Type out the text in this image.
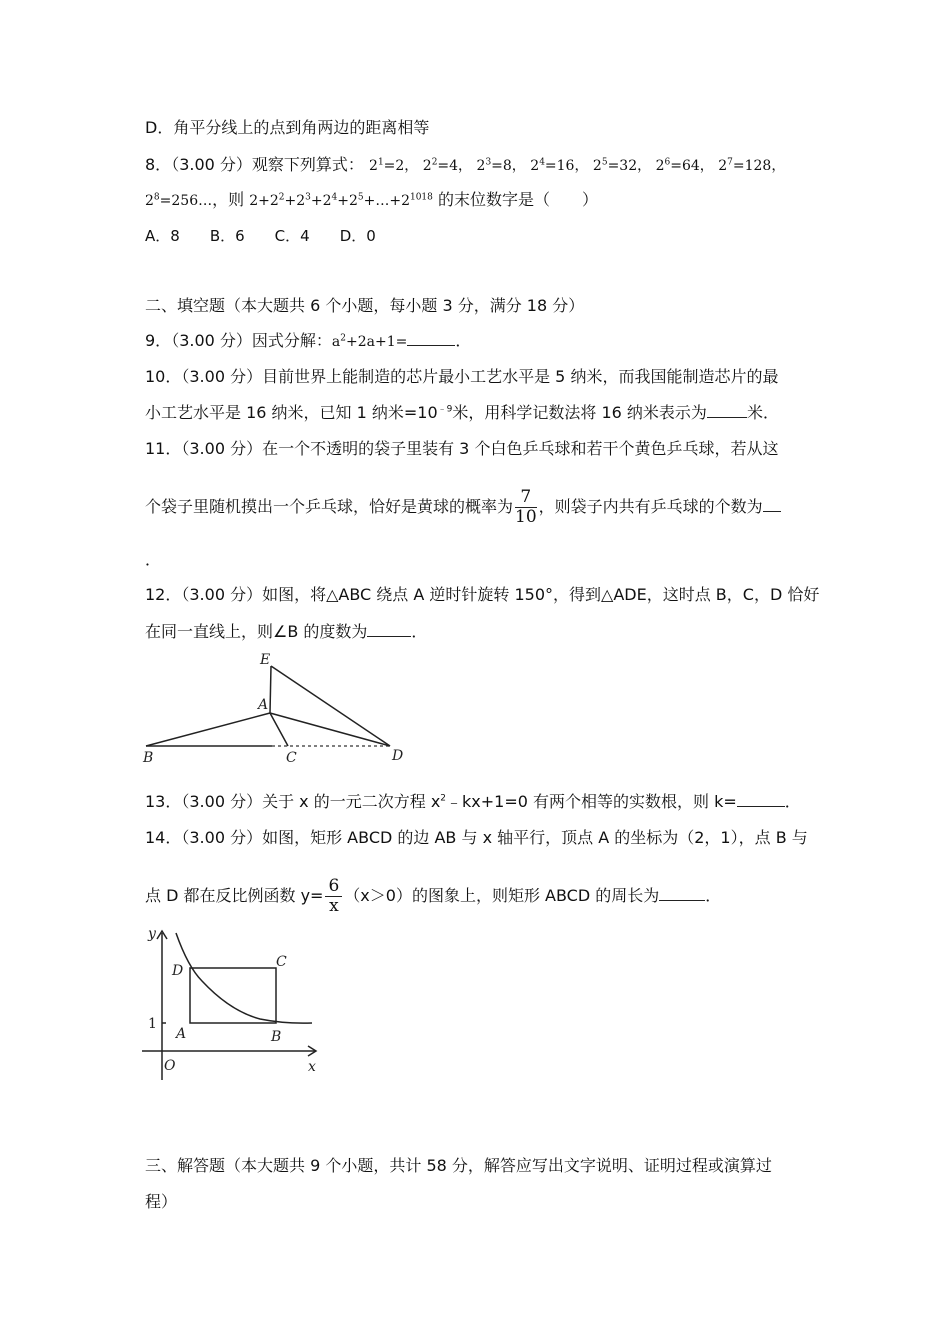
D．角平分线上的点到角两边的距离相等
8．（3.00 分）观察下列算式： $2^1=2$， $2^2=4$， $2^3=8$， $2^4=16$， $2^5=32$， $2^6=64$， $2^7=128$，
$2^8=256\dots$，则 $2+2^2+2^3+2^4+2^5+\dots+2^{1018}$ 的末位数字是（　　）
A．8 B．6 C．4 D．0
二、填空题（本大题共 6 个小题，每小题 3 分，满分 18 分）
9．（3.00 分）因式分解：$a^2+2a+1=$	．
10．（3.00 分）目前世界上能制造的芯片最小工艺水平是 5 纳米，而我国能制造芯片的最
小工艺水平是 16 纳米，已知 1 纳米$=10^{﹣9}$米，用科学记数法将 16 纳米表示为	米．
11．（3.00 分）在一个不透明的袋子里装有 3 个白色乒乓球和若干个黄色乒乓球，若从这
个袋子里随机摸出一个乒乓球，恰好是黄球的概率为 $\frac{7}{10}$ ，则袋子内共有乒乓球的个数为
．
12．（3.00 分）如图，将△ABC 绕点 A 逆时针旋转 150°，得到△ADE，这时点 B，C，D 恰好
在同一直线上，则∠B 的度数为	．
E
A
B	C	D
13．（3.00 分）关于 x 的一元二次方程 $x^2﹣kx+1=0$ 有两个相等的实数根，则 k=	．
14．（3.00 分）如图，矩形 ABCD 的边 AB 与 x 轴平行，顶点 A 的坐标为（2，1），点 B 与
点 D 都在反比例函数 $y= \frac{6}{x} (x>0)$的图象上，则矩形 ABCD 的周长为	．
y
x
O
1
A	B
C
D
三、解答题（本大题共 9 个小题，共计 58 分，解答应写出文字说明、证明过程或演算过
程）
